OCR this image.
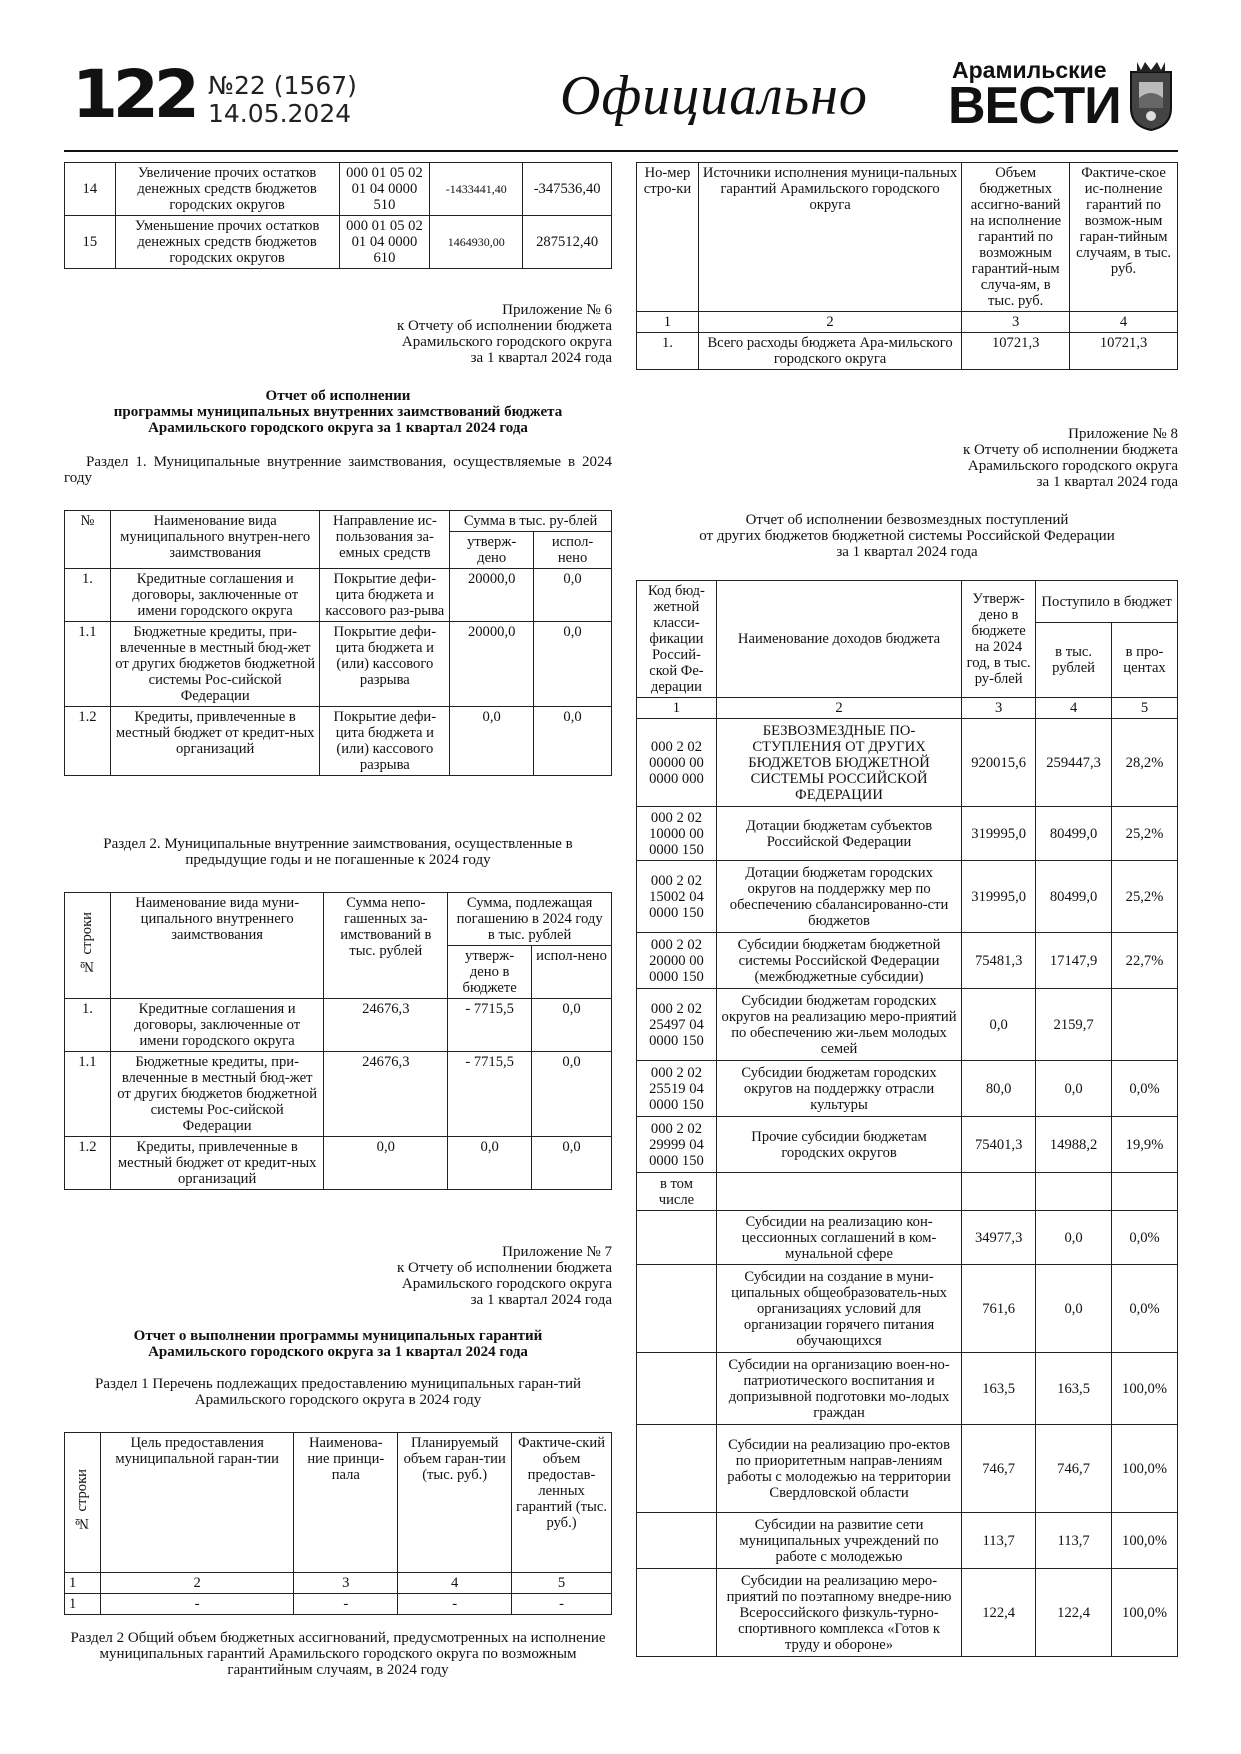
122 №22 (1567)
14.05.2024	Официально	Арамильские
ВЕСТИ
14	Увеличение прочих остатков денежных средств бюджетов городских округов	000 01 05 02 01 04 0000 510	-1433441,40	-347536,40
15	Уменьшение прочих остатков денежных средств бюджетов городских округов	000 01 05 02 01 04 0000 610	1464930,00	287512,40
Приложение № 6
к Отчету об исполнении бюджета
Арамильского городского округа
за 1 квартал 2024 года
Отчет об исполнении
программы муниципальных внутренних заимствований бюджета
Арамильского городского округа за 1 квартал 2024 года
Раздел 1. Муниципальные внутренние заимствования, осуществляемые в 2024 году
№	Наименование вида муниципального внутрен-него заимствования	Направление ис-пользования за-емных средств	Сумма в тыс. ру-блей	
			утверж-дено	испол-нено
1.	Кредитные соглашения и договоры, заключенные от имени городского округа	Покрытие дефи-цита бюджета и кассового раз-рыва	20000,0	0,0
1.1	Бюджетные кредиты, при-влеченные в местный бюд-жет от других бюджетов бюджетной системы Рос-сийской Федерации	Покрытие дефи-цита бюджета и (или) кассового разрыва	20000,0	0,0
1.2	Кредиты, привлеченные в местный бюджет от кредит-ных организаций	Покрытие дефи-цита бюджета и (или) кассового разрыва	0,0	0,0
Раздел 2. Муниципальные внутренние заимствования, осуществленные в предыдущие годы и не погашенные к 2024 году
№ строки	Наименование вида муни-ципального внутреннего заимствования	Сумма непо-гашенных за-имствований в тыс. рублей	Сумма, подлежащая погашению в 2024 году в тыс. рублей	
			утверж-дено в бюджете	испол-нено
1.	Кредитные соглашения и договоры, заключенные от имени городского округа	24676,3	- 7715,5	0,0
1.1	Бюджетные кредиты, при-влеченные в местный бюд-жет от других бюджетов бюджетной системы Рос-сийской Федерации	24676,3	- 7715,5	0,0
1.2	Кредиты, привлеченные в местный бюджет от кредит-ных организаций	0,0	0,0	0,0
Приложение № 7
к Отчету об исполнении бюджета
Арамильского городского округа
за 1 квартал 2024 года
Отчет о выполнении программы муниципальных гарантий
Арамильского городского округа за 1 квартал 2024 года
Раздел 1 Перечень подлежащих предоставлению муниципальных гаран-тий Арамильского городского округа в 2024 году
№ строки	Цель предоставления муниципальной гаран-тии	Наименова-ние принци-пала	Планируемый объем гаран-тии (тыс. руб.)	Фактиче-ский объем предостав-ленных гарантий (тыс. руб.)
1	2	3	4	5
1	-	-	-	-
Раздел 2 Общий объем бюджетных ассигнований, предусмотренных на исполнение муниципальных гарантий Арамильского городского округа по возможным гарантийным случаям, в 2024 году
Но-мер стро-ки	Источники исполнения муници-пальных гарантий Арамильского городского округа	Объем бюджетных ассигно-ваний на исполнение гарантий по возможным гарантий-ным случа-ям, в тыс. руб.	Фактиче-ское ис-полнение гарантий по возмож-ным гаран-тийным случаям, в тыс. руб.
1	2	3	4
1.	Всего расходы бюджета Ара-мильского городского округа	10721,3	10721,3
Приложение № 8
к Отчету об исполнении бюджета
Арамильского городского округа
за 1 квартал 2024 года
Отчет об исполнении безвозмездных поступлений
от других бюджетов бюджетной системы Российской Федерации
за 1 квартал 2024 года
Код бюд-жетной класси-фикации Россий-ской Фе-дерации	Наименование доходов бюджета	Утверж-дено в бюджете на 2024 год, в тыс. ру-блей	Поступило в бюджет	
			в тыс. рублей	в про-центах
1	2	3	4	5
000 2 02 00000 00 0000 000	БЕЗВОЗМЕЗДНЫЕ ПО-СТУПЛЕНИЯ ОТ ДРУГИХ БЮДЖЕТОВ БЮДЖЕТНОЙ СИСТЕМЫ РОССИЙСКОЙ ФЕДЕРАЦИИ	920015,6	259447,3	28,2%
000 2 02 10000 00 0000 150	Дотации бюджетам субъектов Российской Федерации	319995,0	80499,0	25,2%
000 2 02 15002 04 0000 150	Дотации бюджетам городских округов на поддержку мер по обеспечению сбалансированно-сти бюджетов	319995,0	80499,0	25,2%
000 2 02 20000 00 0000 150	Субсидии бюджетам бюджетной системы Российской Федерации (межбюджетные субсидии)	75481,3	17147,9	22,7%
000 2 02 25497 04 0000 150	Субсидии бюджетам городских округов на реализацию меро-приятий по обеспечению жи-льем молодых семей	0,0	2159,7	
000 2 02 25519 04 0000 150	Субсидии бюджетам городских округов на поддержку отрасли культуры	80,0	0,0	0,0%
000 2 02 29999 04 0000 150	Прочие субсидии бюджетам городских округов	75401,3	14988,2	19,9%
в том числе				
	Субсидии на реализацию кон-цессионных соглашений в ком-мунальной сфере	34977,3	0,0	0,0%
	Субсидии на создание в муни-ципальных общеобразователь-ных организациях условий для организации горячего питания обучающихся	761,6	0,0	0,0%
	Субсидии на организацию воен-но-патриотического воспитания и допризывной подготовки мо-лодых граждан	163,5	163,5	100,0%
	Субсидии на реализацию про-ектов по приоритетным направ-лениям работы с молодежью на территории Свердловской области	746,7	746,7	100,0%
	Субсидии на развитие сети муниципальных учреждений по работе с молодежью	113,7	113,7	100,0%
	Субсидии на реализацию меро-приятий по поэтапному внедре-нию Всероссийского физкуль-турно-спортивного комплекса «Готов к труду и обороне»	122,4	122,4	100,0%
